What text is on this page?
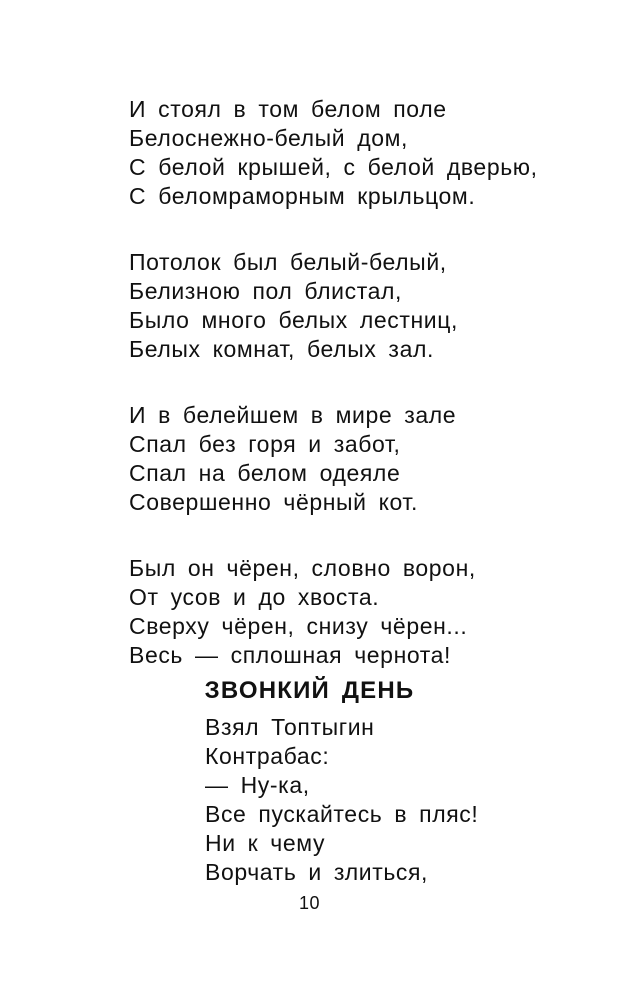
И стоял в том белом поле
Белоснежно-белый дом,
С белой крышей, с белой дверью,
С беломраморным крыльцом.
Потолок был белый-белый,
Белизною пол блистал,
Было много белых лестниц,
Белых комнат, белых зал.
И в белейшем в мире зале
Спал без горя и забот,
Спал на белом одеяле
Совершенно чёрный кот.
Был он чёрен, словно ворон,
От усов и до хвоста.
Сверху чёрен, снизу чёрен...
Весь — сплошная чернота!
ЗВОНКИЙ ДЕНЬ
Взял Топтыгин
Контрабас:
— Ну-ка,
Все пускайтесь в пляс!
Ни к чему
Ворчать и злиться,
10
